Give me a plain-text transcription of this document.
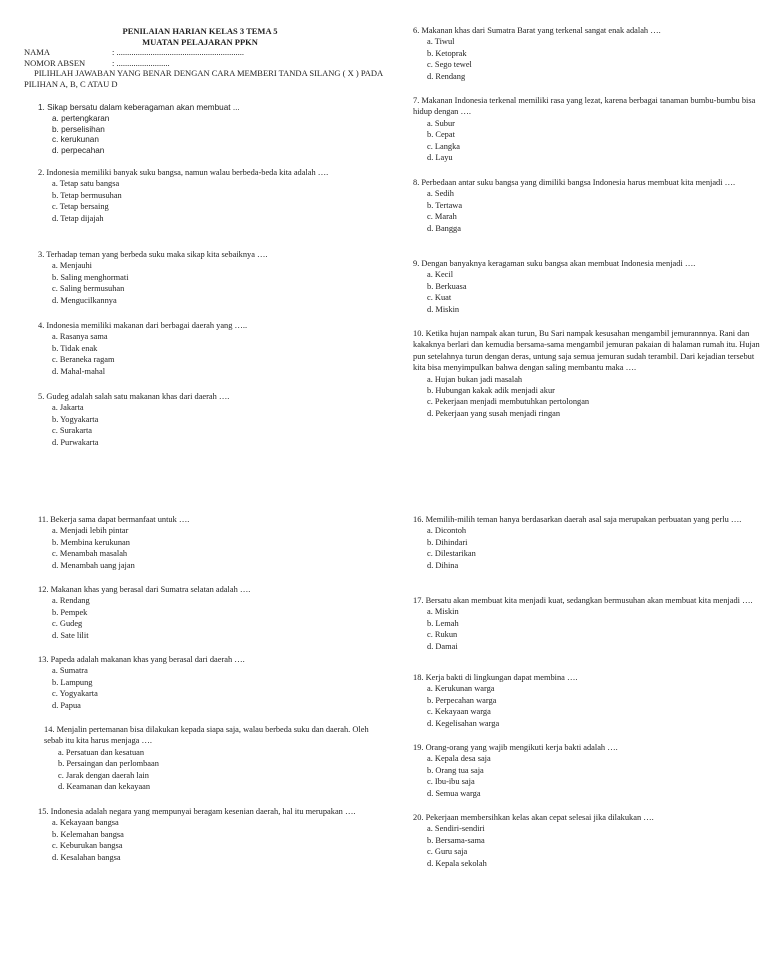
PENILAIAN HARIAN KELAS 3 TEMA 5
MUATAN PELAJARAN PPKN
NAMA	: ............................................................
NOMOR ABSEN	: .........................
PILIHLAH JAWABAN YANG BENAR DENGAN CARA MEMBERI TANDA SILANG ( X ) PADA PILIHAN A, B, C ATAU D
1. Sikap bersatu dalam keberagaman akan membuat ...
a. pertengkaran
b. perselisihan
c. kerukunan
d. perpecahan
2. Indonesia memiliki banyak suku bangsa, namun walau berbeda-beda kita adalah ….
a. Tetap satu bangsa
b. Tetap bermusuhan
c. Tetap bersaing
d. Tetap dijajah
3. Terhadap teman yang berbeda suku maka sikap kita sebaiknya ….
a. Menjauhi
b. Saling menghormati
c. Saling bermusuhan
d. Mengucilkannya
4. Indonesia memiliki makanan dari berbagai daerah yang …..
a. Rasanya sama
b. Tidak enak
c. Beraneka ragam
d. Mahal-mahal
5. Gudeg adalah salah satu makanan khas dari daerah ….
a. Jakarta
b. Yogyakarta
c. Surakarta
d. Purwakarta
6. Makanan khas dari Sumatra Barat yang terkenal sangat enak adalah ….
a. Tiwul
b. Ketoprak
c. Sego tewel
d. Rendang
7. Makanan Indonesia terkenal memiliki rasa yang lezat, karena berbagai tanaman bumbu-bumbu bisa hidup dengan ….
a. Subur
b. Cepat
c. Langka
d. Layu
8. Perbedaan antar suku bangsa yang dimiliki bangsa Indonesia harus membuat kita menjadi ….
a. Sedih
b. Tertawa
c. Marah
d. Bangga
9. Dengan banyaknya keragaman suku bangsa akan membuat Indonesia menjadi ….
a. Kecil
b. Berkuasa
c. Kuat
d. Miskin
10. Ketika hujan nampak akan turun, Bu Sari nampak kesusahan mengambil jemurannnya. Rani dan kakaknya berlari dan kemudia bersama-sama mengambil jemuran pakaian di halaman rumah itu. Hujan pun setelahnya turun dengan deras, untung saja semua jemuran sudah terambil. Dari kejadian tersebut kita bisa menyimpulkan bahwa dengan saling membantu maka ….
a. Hujan bukan jadi masalah
b. Hubungan kakak adik menjadi akur
c. Pekerjaan menjadi membutuhkan pertolongan
d. Pekerjaan yang susah menjadi ringan
11. Bekerja sama dapat bermanfaat untuk ….
a. Menjadi lebih pintar
b. Membina kerukunan
c. Menambah masalah
d. Menambah uang jajan
12. Makanan khas yang berasal dari Sumatra selatan adalah ….
a. Rendang
b. Pempek
c. Gudeg
d. Sate lilit
13. Papeda adalah makanan khas yang berasal dari daerah ….
a. Sumatra
b. Lampung
c. Yogyakarta
d. Papua
14. Menjalin pertemanan bisa dilakukan kepada siapa saja, walau berbeda suku dan daerah. Oleh sebab itu kita harus menjaga ….
a. Persatuan dan kesatuan
b. Persaingan dan perlombaan
c. Jarak dengan daerah lain
d. Keamanan dan kekayaan
15. Indonesia adalah negara yang mempunyai beragam kesenian daerah, hal itu merupakan ….
a. Kekayaan bangsa
b. Kelemahan bangsa
c. Keburukan bangsa
d. Kesalahan bangsa
16. Memilih-milih teman hanya berdasarkan daerah asal saja merupakan perbuatan yang perlu ….
a. Dicontoh
b. Dihindari
c. Dilestarikan
d. Dihina
17. Bersatu akan membuat kita menjadi kuat, sedangkan bermusuhan akan membuat kita menjadi ….
a. Miskin
b. Lemah
c. Rukun
d. Damai
18. Kerja bakti di lingkungan dapat membina ….
a. Kerukunan warga
b. Perpecahan warga
c. Kekayaan warga
d. Kegelisahan warga
19. Orang-orang yang wajib mengikuti kerja bakti adalah ….
a. Kepala desa saja
b. Orang tua saja
c. Ibu-ibu saja
d. Semua warga
20. Pekerjaan membersihkan kelas akan cepat selesai jika dilakukan ….
a. Sendiri-sendiri
b. Bersama-sama
c. Guru saja
d. Kepala sekolah
